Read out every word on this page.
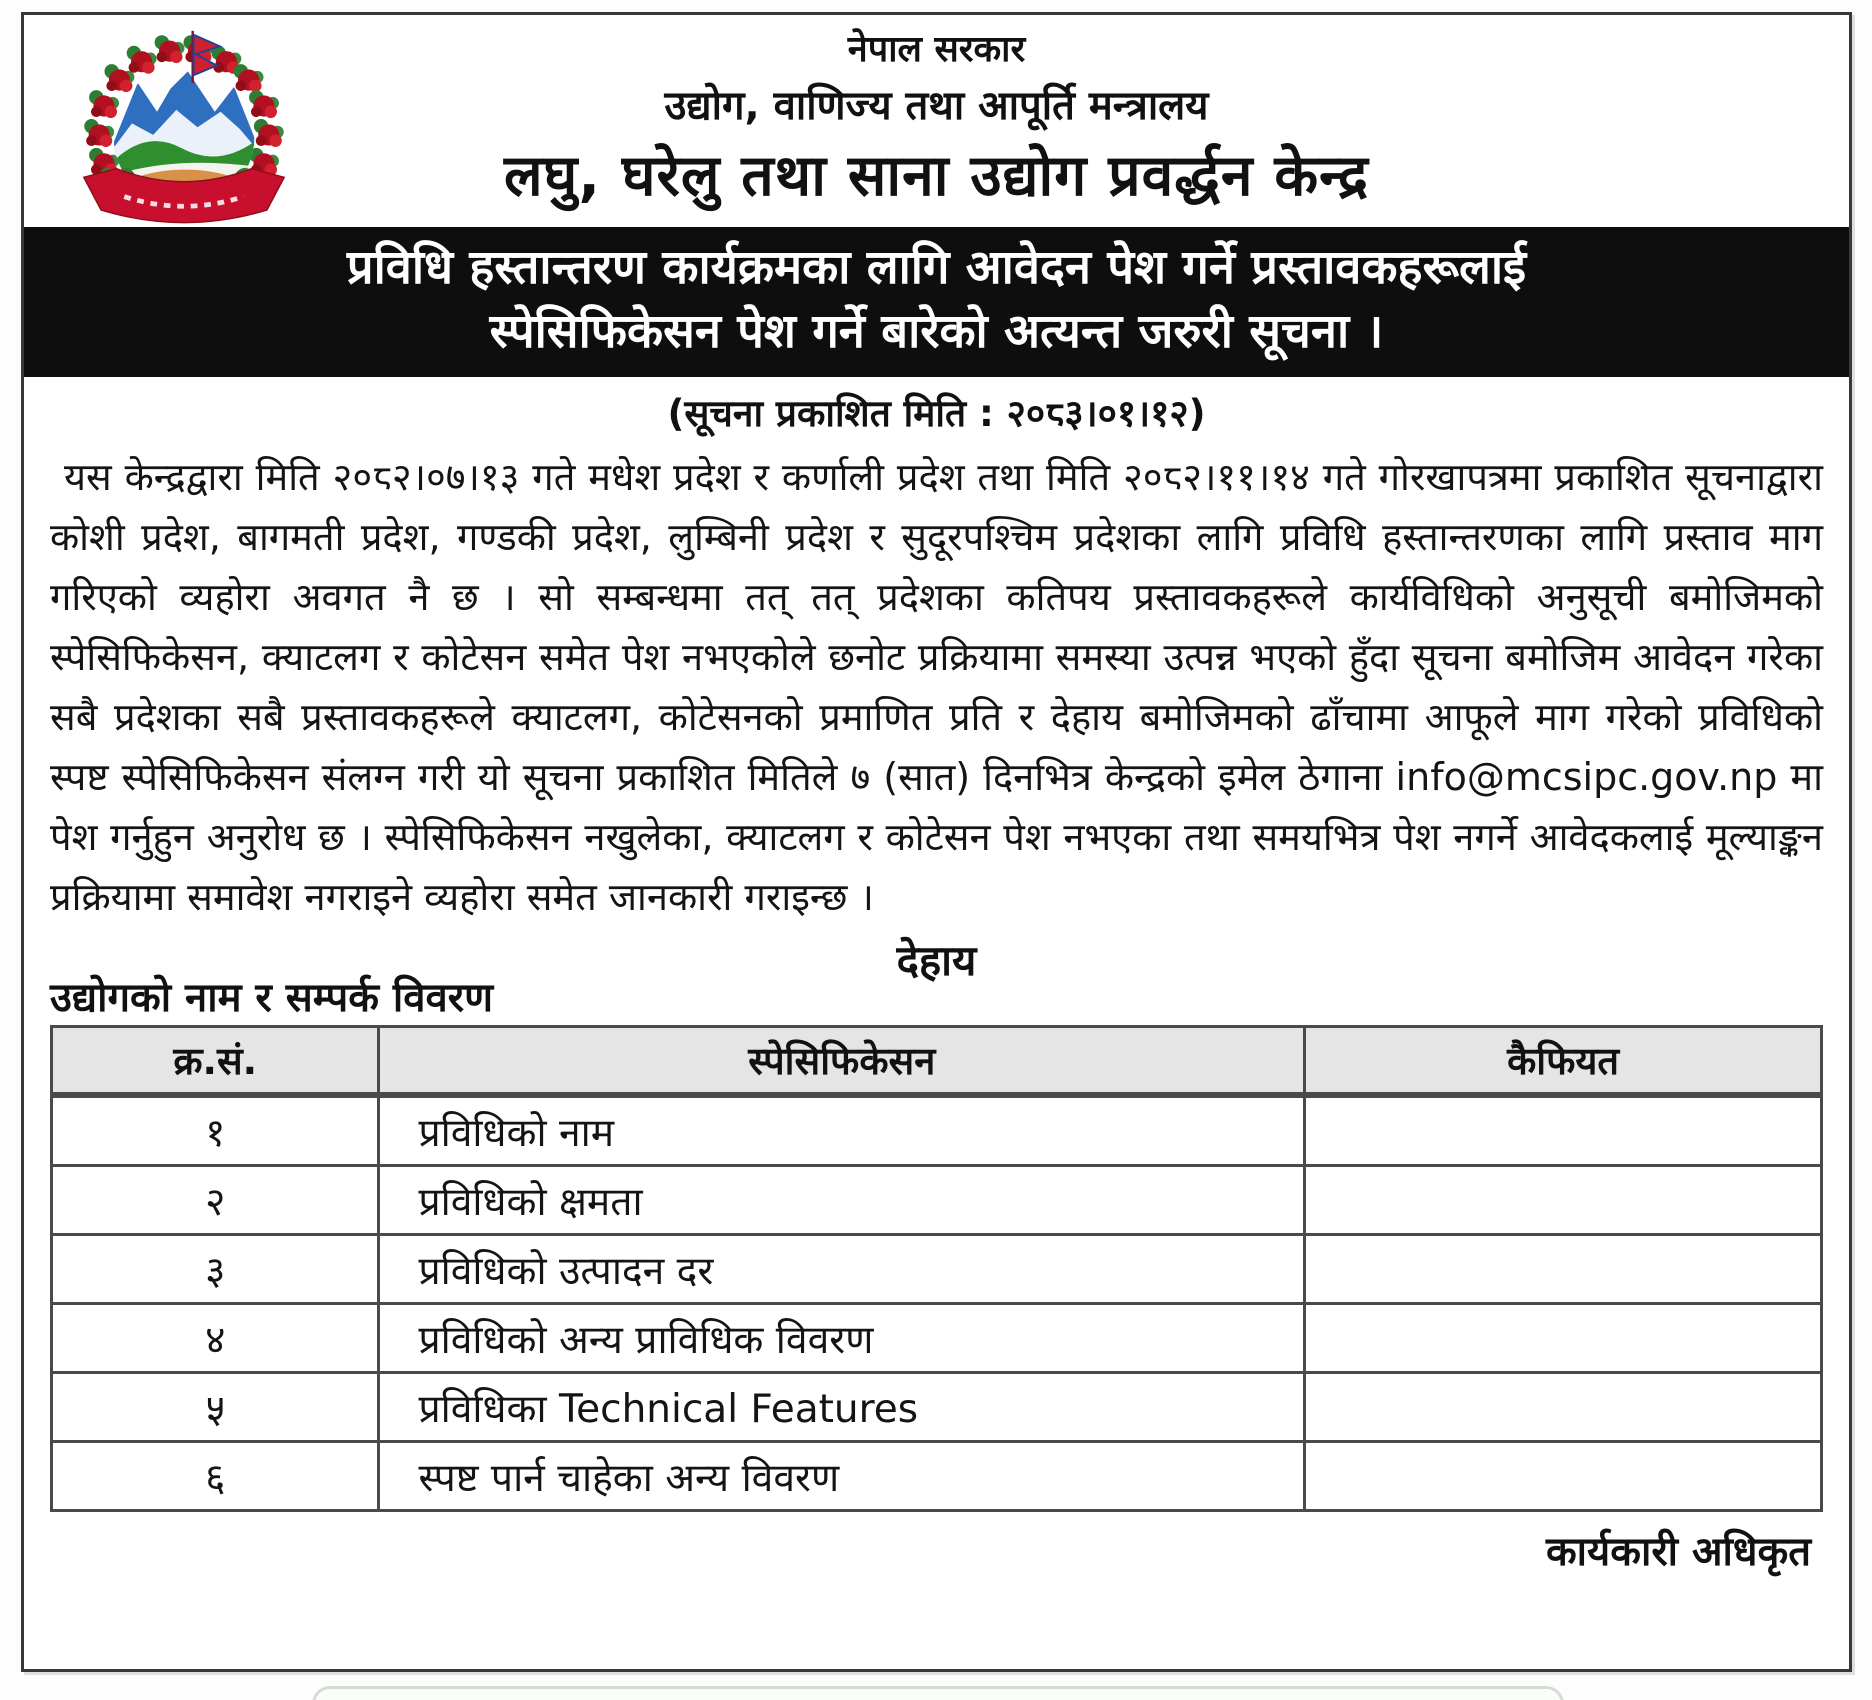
नेपाल सरकार
उद्योग, वाणिज्य तथा आपूर्ति मन्त्रालय
लघु, घरेलु तथा साना उद्योग प्रवर्द्धन केन्द्र
प्रविधि हस्तान्तरण कार्यक्रमका लागि आवेदन पेश गर्ने प्रस्तावकहरूलाई
स्पेसिफिकेसन पेश गर्ने बारेको अत्यन्त जरुरी सूचना ।
(सूचना प्रकाशित मिति : २०८३।०१।१२)

यस केन्द्रद्वारा मिति २०८२।०७।१३ गते मधेश प्रदेश र कर्णाली प्रदेश तथा मिति २०८२।११।१४ गते गोरखापत्रमा प्रकाशित सूचनाद्वारा कोशी प्रदेश, बागमती प्रदेश, गण्डकी प्रदेश, लुम्बिनी प्रदेश र सुदूरपश्चिम प्रदेशका लागि प्रविधि हस्तान्तरणका लागि प्रस्ताव माग गरिएको व्यहोरा अवगत नै छ । सो सम्बन्धमा तत् तत् प्रदेशका कतिपय प्रस्तावकहरूले कार्यविधिको अनुसूची बमोजिमको स्पेसिफिकेसन, क्याटलग र कोटेसन समेत पेश नभएकोले छनोट प्रक्रियामा समस्या उत्पन्न भएको हुँदा सूचना बमोजिम आवेदन गरेका सबै प्रदेशका सबै प्रस्तावकहरूले क्याटलग, कोटेसनको प्रमाणित प्रति र देहाय बमोजिमको ढाँचामा आफूले माग गरेको प्रविधिको स्पष्ट स्पेसिफिकेसन संलग्न गरी यो सूचना प्रकाशित मितिले ७ (सात) दिनभित्र केन्द्रको इमेल ठेगाना info@mcsipc.gov.np मा पेश गर्नुहुन अनुरोध छ । स्पेसिफिकेसन नखुलेका, क्याटलग र कोटेसन पेश नभएका तथा समयभित्र पेश नगर्ने आवेदकलाई मूल्याङ्कन प्रक्रियामा समावेश नगराइने व्यहोरा समेत जानकारी गराइन्छ ।

देहाय
उद्योगको नाम र सम्पर्क विवरण
क्र.सं.	स्पेसिफिकेसन	कैफियत
१	प्रविधिको नाम	
२	प्रविधिको क्षमता	
३	प्रविधिको उत्पादन दर	
४	प्रविधिको अन्य प्राविधिक विवरण	
५	प्रविधिका Technical Features	
६	स्पष्ट पार्न चाहेका अन्य विवरण	
कार्यकारी अधिकृत
